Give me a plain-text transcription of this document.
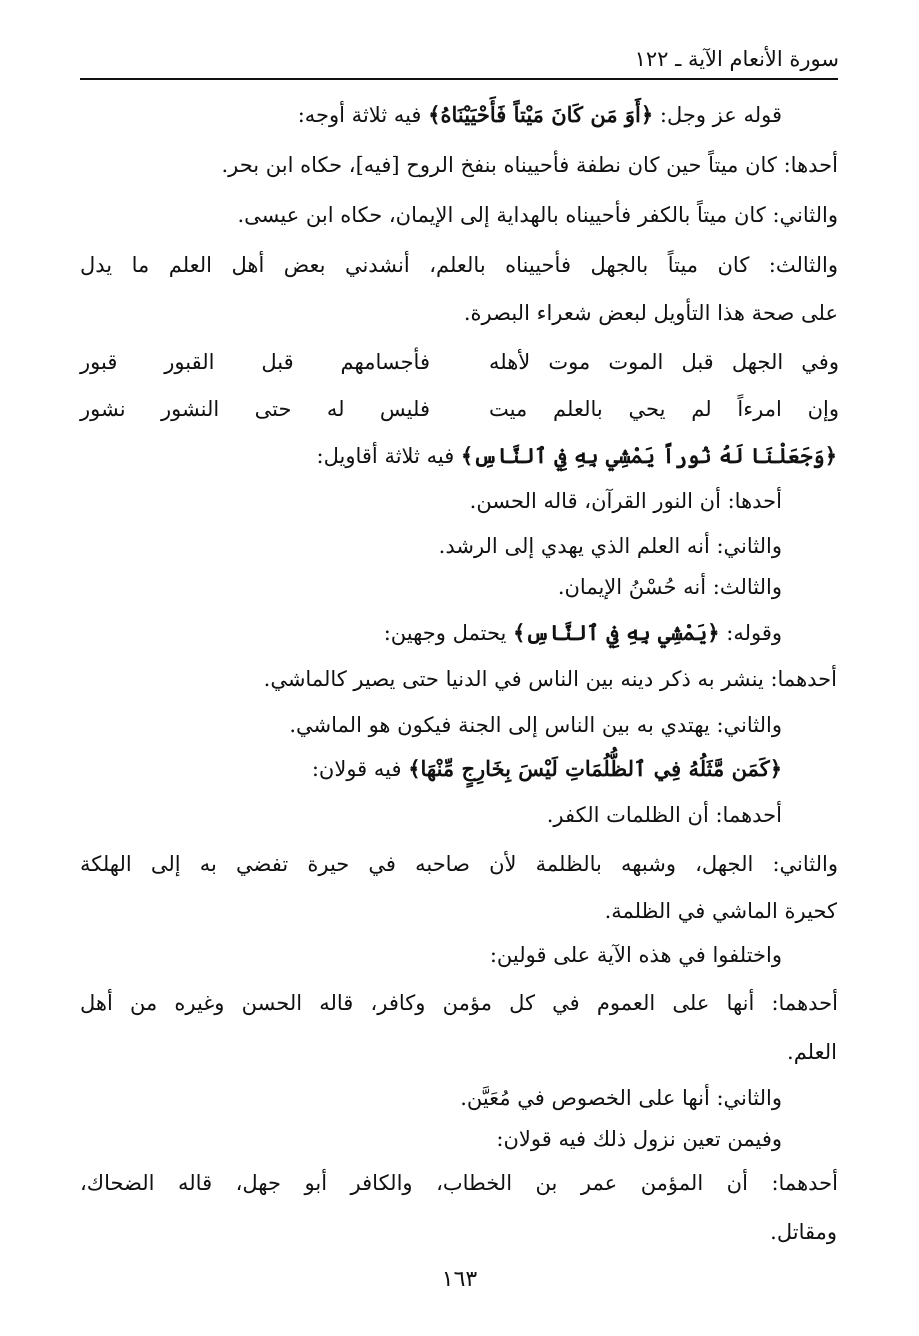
سورة الأنعام الآية ـ ١٢٢
قوله عز وجل: ﴿أَوَ مَن كَانَ مَيْتاً فَأَحْيَيْنَاهُ﴾ فيه ثلاثة أوجه:
أحدها: كان ميتاً حين كان نطفة فأحييناه بنفخ الروح [فيه]، حكاه ابن بحر.
والثاني: كان ميتاً بالكفر فأحييناه بالهداية إلى الإيمان، حكاه ابن عيسى.
والثالث: كان ميتاً بالجهل فأحييناه بالعلم، أنشدني بعض أهل العلم ما يدل
على صحة هذا التأويل لبعض شعراء البصرة.
وفي الجهل قبل الموت موت لأهله
فأجسامهم قبل القبور قبور
وإن امرءاً لم يحي بالعلم ميت
فليس له حتى النشور نشور
﴿وَجَعَلْنَا لَهُ نُوراً يَمْشِي بِهِ فِي ٱلنَّاسِ﴾ فيه ثلاثة أقاويل:
أحدها: أن النور القرآن، قاله الحسن.
والثاني: أنه العلم الذي يهدي إلى الرشد.
والثالث: أنه حُسْنُ الإيمان.
وقوله: ﴿يَمْشِي بِهِ فِي ٱلنَّاسِ﴾ يحتمل وجهين:
أحدهما: ينشر به ذكر دينه بين الناس في الدنيا حتى يصير كالماشي.
والثاني: يهتدي به بين الناس إلى الجنة فيكون هو الماشي.
﴿كَمَن مَّثَلُهُ فِي ٱلظُّلُمَاتِ لَيْسَ بِخَارِجٍ مِّنْهَا﴾ فيه قولان:
أحدهما: أن الظلمات الكفر.
والثاني: الجهل، وشبهه بالظلمة لأن صاحبه في حيرة تفضي به إلى الهلكة
كحيرة الماشي في الظلمة.
واختلفوا في هذه الآية على قولين:
أحدهما: أنها على العموم في كل مؤمن وكافر، قاله الحسن وغيره من أهل
العلم.
والثاني: أنها على الخصوص في مُعَيَّن.
وفيمن تعين نزول ذلك فيه قولان:
أحدهما: أن المؤمن عمر بن الخطاب، والكافر أبو جهل، قاله الضحاك،
ومقاتل.
١٦٣
